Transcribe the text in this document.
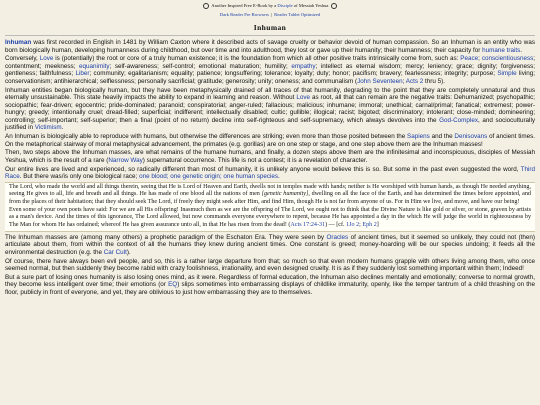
Another Inspired Free E-Book by a Disciple of Messiah Yeshua
Dark Reader Pre Browsers | Reader Tablet Optimized
Inhuman

Inhuman was first recorded in English in 1481 by William Caxton where it described acts of savage cruelty or behavior devoid of human compassion. So an Inhuman is an entity who was born biologically human, developing humanness during childhood, but over time and into adulthood, they lost or gave up their humanity; their humanness; their capacity for humane traits.

Conversely, Love is (potentially) the root or core of a truly human existence; it is the foundation from which all other positive traits intrinsically come from, such as: Peace; conscientiousness; contentment; meekness; equanimity; self-awareness; self-control; emotional maturation; humility; empathy; intellect as eternal wisdom; mercy; leniency; grace; dignity; forgiveness; gentleness; faithfulness; Liber; community; egalitarianism; equality; patience; longsuffering; tolerance; loyalty; duty; honor; pacifism; bravery; fearlessness; integrity; purpose; Simple living; conservationism; antihierarchical; selflessness; personally sacrificial; gratitude; generosity; unity; oneness; and communalism (John Seventeen; Acts 2 thru 5).

Inhuman entities began biologically human, but they have been metaphysically drained of all traces of that humanity, degrading to the point that they are completely unnatural and thus eternally unsustainable. This state heavily impacts the ability to expand in learning and reason. Without Love as root, all that can remain are the negative traits: Dehumanized; psychopathic; sociopathic; fear-driven; egocentric; pride-dominated; paranoid; conspiratorial; anger-ruled; fallacious; malicious; inhumane; immoral; unethical; carnal/primal; fanatical; extremest; power-hungry; greedy; intentionally cruel; dread-filled; superficial; indifferent; intellectually disabled; cultic; gullible; illogical; racist; bigoted; discriminatory; intolerant; close-minded; domineering; controlling; self-important; self-superior; then a final (point of no return) decline into self-righteous and self-supremacy, which always devolves into the God-Complex, and socioculturally justified in Victimism.

An Inhuman is biologically able to reproduce with humans, but otherwise the differences are striking; even more than those posited between the Sapiens and the Denisovans of ancient times. On the metaphorical stairway of moral metaphysical advancement, the primates (e.g. gorillas) are on one step or stage, and one step above them are the Inhuman masses!

Then, two steps above the Inhuman masses, are what remains of the humane humans, and finally, a dozen steps above them are the infinitesimal and inconspicuous, disciples of Messiah Yeshua, which is the result of a rare (Narrow Way) supernatural occurrence. This life is not a contest; it is a revelation of character.

Our entire lives are lived and experienced, so radically different than most of humanity, it is unlikely anyone would believe this is so. But some in the past even suggested the word, Third Race. But there was/is only one biological race; one blood; one genetic origin; one human species.

The Lord, who made the world and all things therein, seeing that He is Lord of Heaven and Earth, dwells not in temples made with hands; neither is He worshiped with human hands, as though He needed anything, seeing He gives to all, life and breath and all things. He has made of one blood all the nations of men [genetic humanity], dwelling on all the face of the Earth, and has determined the times before appointed, and from the places of their habitation; that they should seek The Lord, if freely they might seek after Him, and find Him, though He is not far from anyone of us. For in Him we live, and move, and have our being!

Even some of your own poets have said: For we are all His offspring! Inasmuch then as we are the offspring of The Lord, we ought not to think that the Divine Nature is like gold or silver, or stone, graven by artists as a man's device. And the times of this ignorance, The Lord allowed, but now commands everyone everywhere to repent, because He has appointed a day in the which He will judge the world in righteousness by The Man for whom He has ordained; whereof He has given assurance unto all, in that He has risen from the dead! (Acts 17:24-31) — [cf. 1Jo 2; Eph 2]

The Inhuman masses are (among many others) a prophetic paradigm of the Eschaton Era. They were seen by Oracles of ancient times, but it seemed so unlikely, they could not (then) articulate about them, from within the context of all the humans they knew during ancient times. One constant is greed; money-hoarding will be our species undoing; it feeds all the environmental destruction (e.g. the Car Cult).

Of course, there have always been evil people, and so, this is a rather large departure from that; so much so that even modern humans grapple with others living among them, who once seemed normal, but then suddenly they become rabid with crazy foolishness, irrationality, and even designed cruelty. It is as if they suddenly lost something important within them; Indeed!

But a sure part of losing ones humanity is also losing ones mind, as it were. Regardless of formal education, the Inhuman also declines mentally and emotionally; converse to normal growth, they become less intelligent over time; their emotions (or EQ) slips sometimes into embarrassing displays of childlike immaturity, openly, like the temper tantrum of a child thrashing on the floor, publicly in front of everyone, and yet, they are oblivious to just how embarrassing they are to themselves.
